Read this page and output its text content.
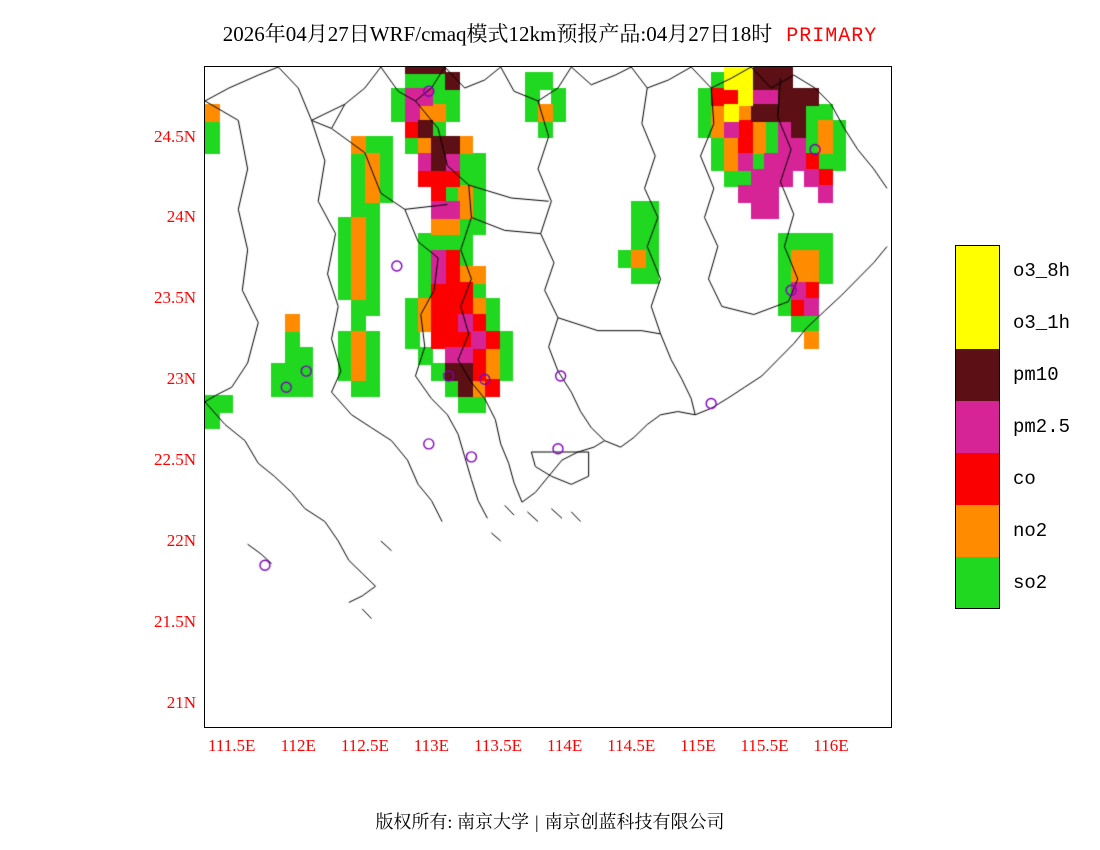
2026年04月27日WRF/cmaq模式12km预报产品:04月27日18时 PRIMARY
24.5N
24N
23.5N
23N
22.5N
22N
21.5N
21N
111.5E 112E 112.5E 113E 113.5E 114E 114.5E 115E 115.5E 116E
o3_8h
o3_1h
pm10
pm2.5
co
no2
so2
版权所有: 南京大学 | 南京创蓝科技有限公司
